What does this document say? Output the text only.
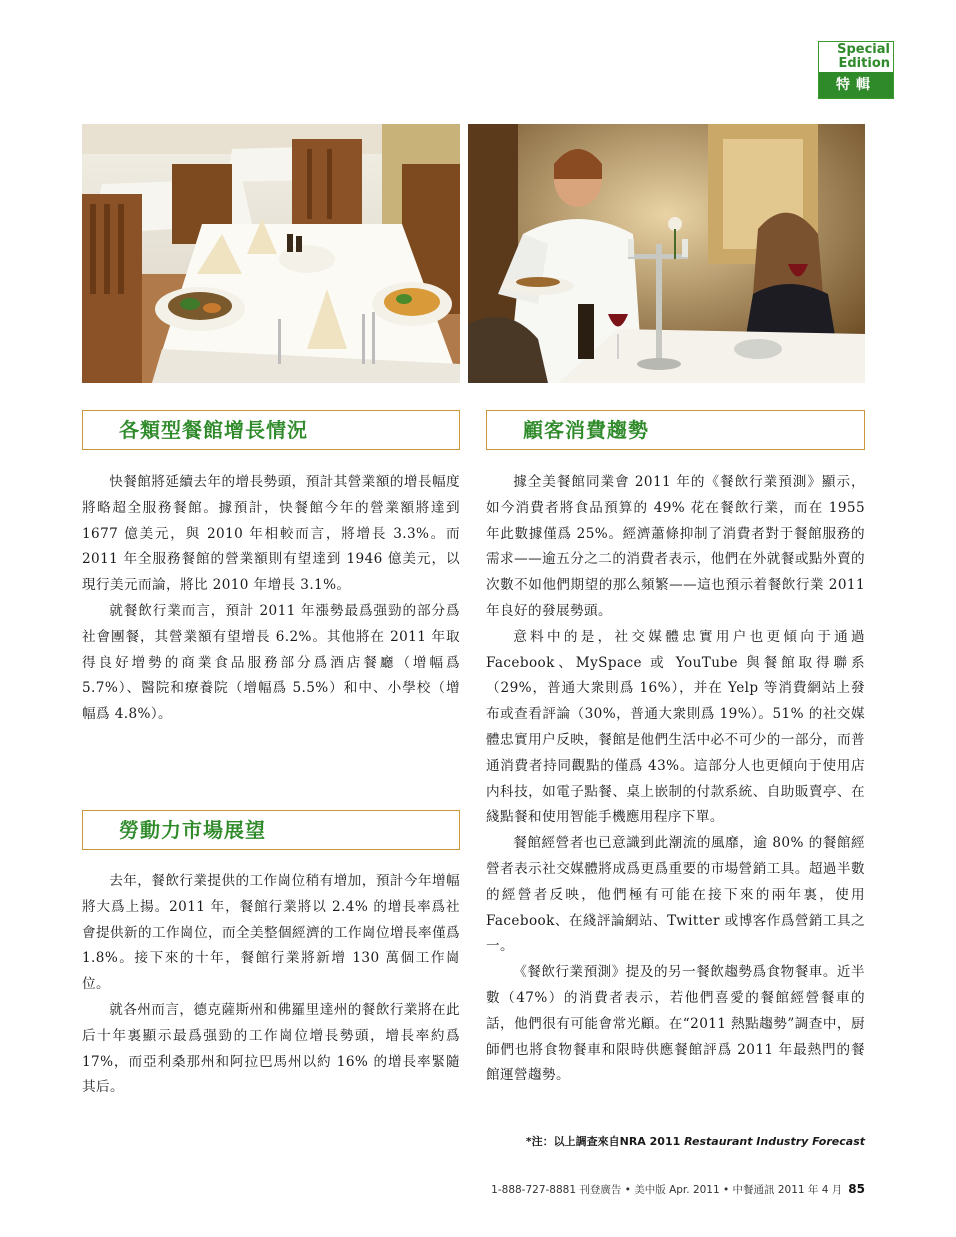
Special
Edition
特輯
各類型餐館增長情況	顧客消費趨勢
勞動力市場展望

快餐館將延續去年的增長勢頭，預計其營業額的增長幅度將略超全服務餐館。據預計，快餐館今年的營業額將達到 1677 億美元，與 2010 年相較而言，將增長 3.3%。而 2011 年全服務餐館的營業額則有望達到 1946 億美元，以現行美元而論，將比 2010 年增長 3.1%。

就餐飲行業而言，預計 2011 年漲勢最爲强勁的部分爲社會團餐，其營業額有望增長 6.2%。其他將在 2011 年取得良好增勢的商業食品服務部分爲酒店餐廳（增幅爲 5.7%）、醫院和療養院（增幅爲 5.5%）和中、小學校（增幅爲 4.8%）。

去年，餐飲行業提供的工作崗位稍有增加，預計今年增幅將大爲上揚。2011 年，餐館行業將以 2.4% 的增長率爲社會提供新的工作崗位，而全美整個經濟的工作崗位增長率僅爲 1.8%。接下來的十年，餐館行業將新增 130 萬個工作崗位。

就各州而言，德克薩斯州和佛羅里達州的餐飲行業將在此后十年裏顯示最爲强勁的工作崗位增長勢頭，增長率約爲 17%，而亞利桑那州和阿拉巴馬州以約 16% 的增長率緊隨其后。

據全美餐館同業會 2011 年的《餐飲行業預測》顯示，如今消費者將食品預算的 49% 花在餐飲行業，而在 1955 年此數據僅爲 25%。經濟蕭條抑制了消費者對于餐館服務的需求——逾五分之二的消費者表示，他們在外就餐或點外賣的次數不如他們期望的那么頻繁——這也預示着餐飲行業 2011 年良好的發展勢頭。

意料中的是，社交媒體忠實用户也更傾向于通過 Facebook、MySpace 或 YouTube 與餐館取得聯系（29%，普通大衆則爲 16%），并在 Yelp 等消費網站上發布或查看評論（30%，普通大衆則爲 19%）。51% 的社交媒體忠實用户反映，餐館是他們生活中必不可少的一部分，而普通消費者持同觀點的僅爲 43%。這部分人也更傾向于使用店内科技，如電子點餐、桌上嵌制的付款系統、自助販賣亭、在綫點餐和使用智能手機應用程序下單。

餐館經營者也已意識到此潮流的風靡，逾 80% 的餐館經營者表示社交媒體將成爲更爲重要的市場營銷工具。超過半數的經營者反映，他們極有可能在接下來的兩年裏，使用 Facebook、在綫評論網站、Twitter 或博客作爲營銷工具之一。

《餐飲行業預測》提及的另一餐飲趨勢爲食物餐車。近半數（47%）的消費者表示，若他們喜愛的餐館經營餐車的話，他們很有可能會常光顧。在“2011 熱點趨勢”調查中，厨師們也將食物餐車和限時供應餐館評爲 2011 年最熱門的餐館運營趨勢。

*注：以上調查來自NRA 2011 Restaurant Industry Forecast
1-888-727-8881 刊登廣告 • 美中版 Apr. 2011 • 中餐通訊 2011 年 4 月 85
